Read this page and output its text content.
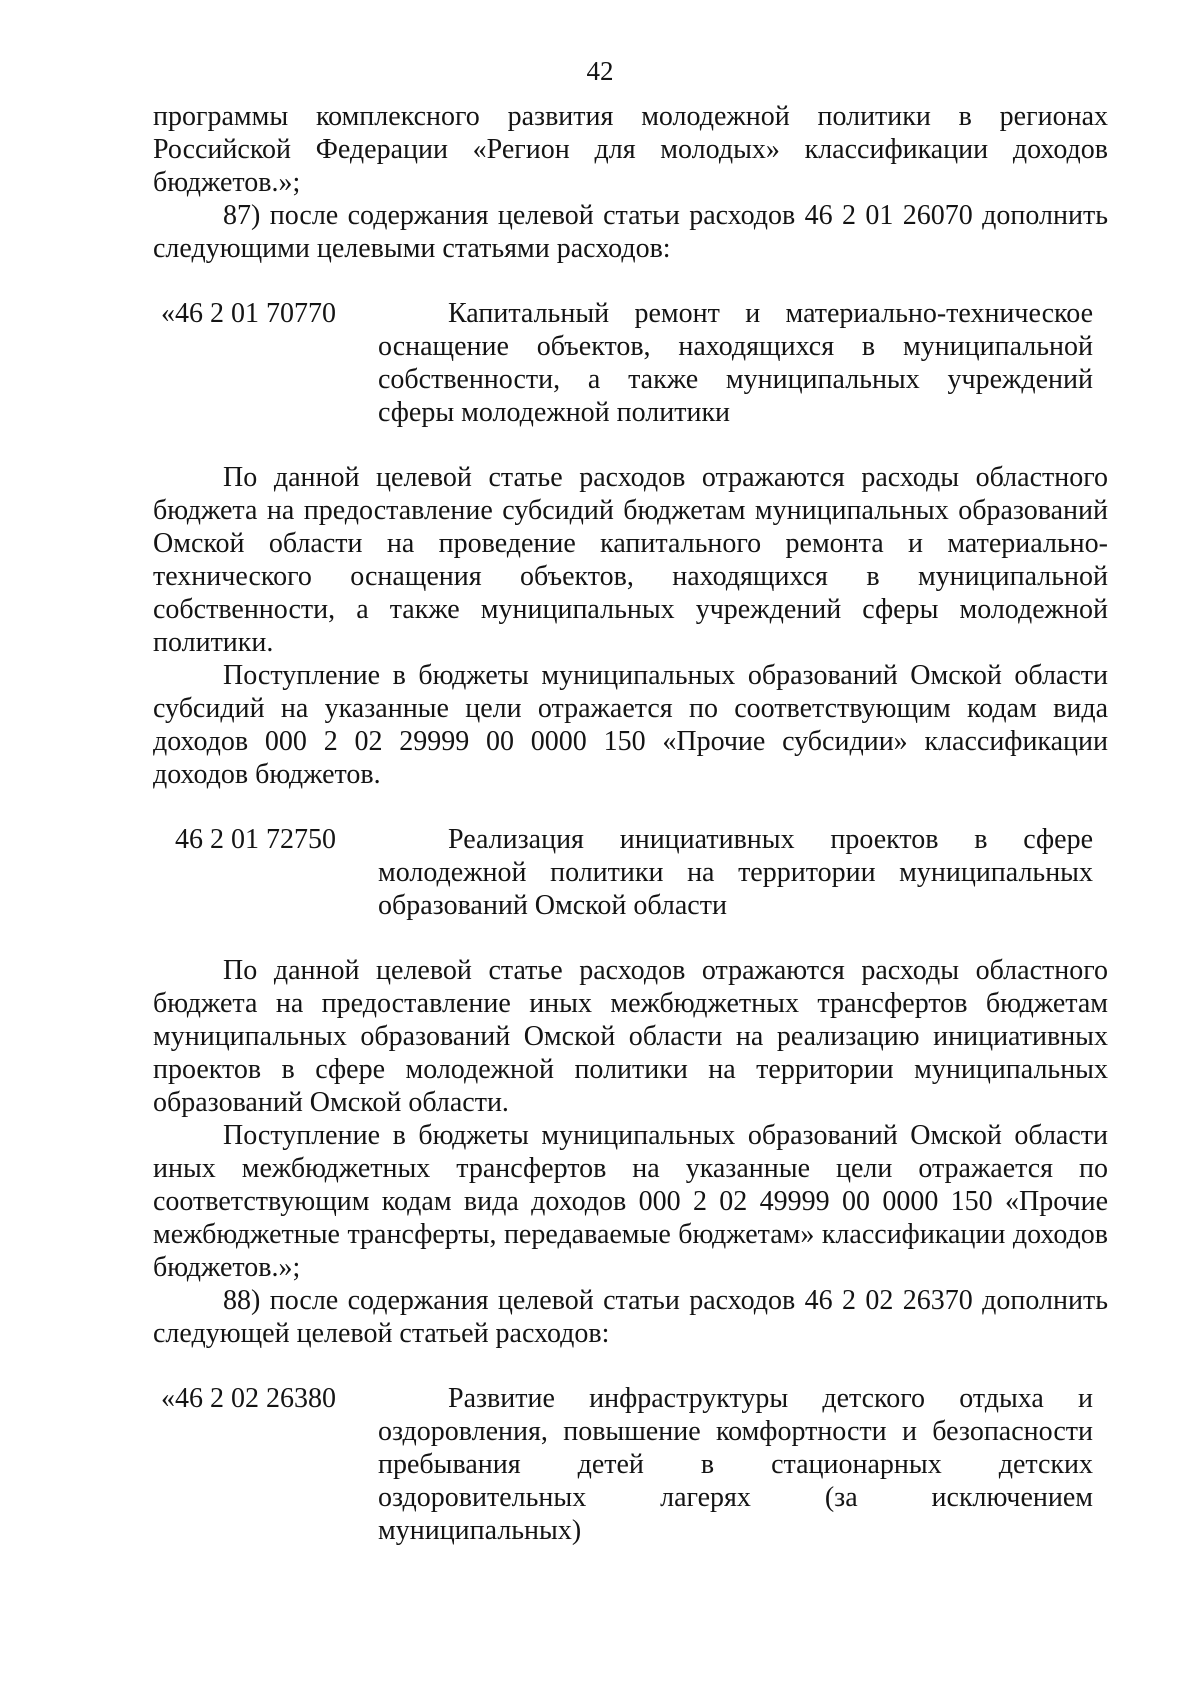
42

программы комплексного развития молодежной политики в регионах Российской Федерации «Регион для молодых» классификации доходов бюджетов.»;

87) после содержания целевой статьи расходов 46 2 01 26070 дополнить следующими целевыми статьями расходов:

«46 2 01 70770	Капитальный ремонт и материально-техническое оснащение объектов, находящихся в муниципальной собственности, а также муниципальных учреждений сферы молодежной политики

По данной целевой статье расходов отражаются расходы областного бюджета на предоставление субсидий бюджетам муниципальных образований Омской области на проведение капитального ремонта и материально-технического оснащения объектов, находящихся в муниципальной собственности, а также муниципальных учреждений сферы молодежной политики.

Поступление в бюджеты муниципальных образований Омской области субсидий на указанные цели отражается по соответствующим кодам вида доходов 000 2 02 29999 00 0000 150 «Прочие субсидии» классификации доходов бюджетов.

46 2 01 72750	Реализация инициативных проектов в сфере молодежной политики на территории муниципальных образований Омской области

По данной целевой статье расходов отражаются расходы областного бюджета на предоставление иных межбюджетных трансфертов бюджетам муниципальных образований Омской области на реализацию инициативных проектов в сфере молодежной политики на территории муниципальных образований Омской области.

Поступление в бюджеты муниципальных образований Омской области иных межбюджетных трансфертов на указанные цели отражается по соответствующим кодам вида доходов 000 2 02 49999 00 0000 150 «Прочие межбюджетные трансферты, передаваемые бюджетам» классификации доходов бюджетов.»;

88) после содержания целевой статьи расходов 46 2 02 26370 дополнить следующей целевой статьей расходов:

«46 2 02 26380	Развитие инфраструктуры детского отдыха и оздоровления, повышение комфортности и безопасности пребывания детей в стационарных детских оздоровительных лагерях (за исключением муниципальных)
